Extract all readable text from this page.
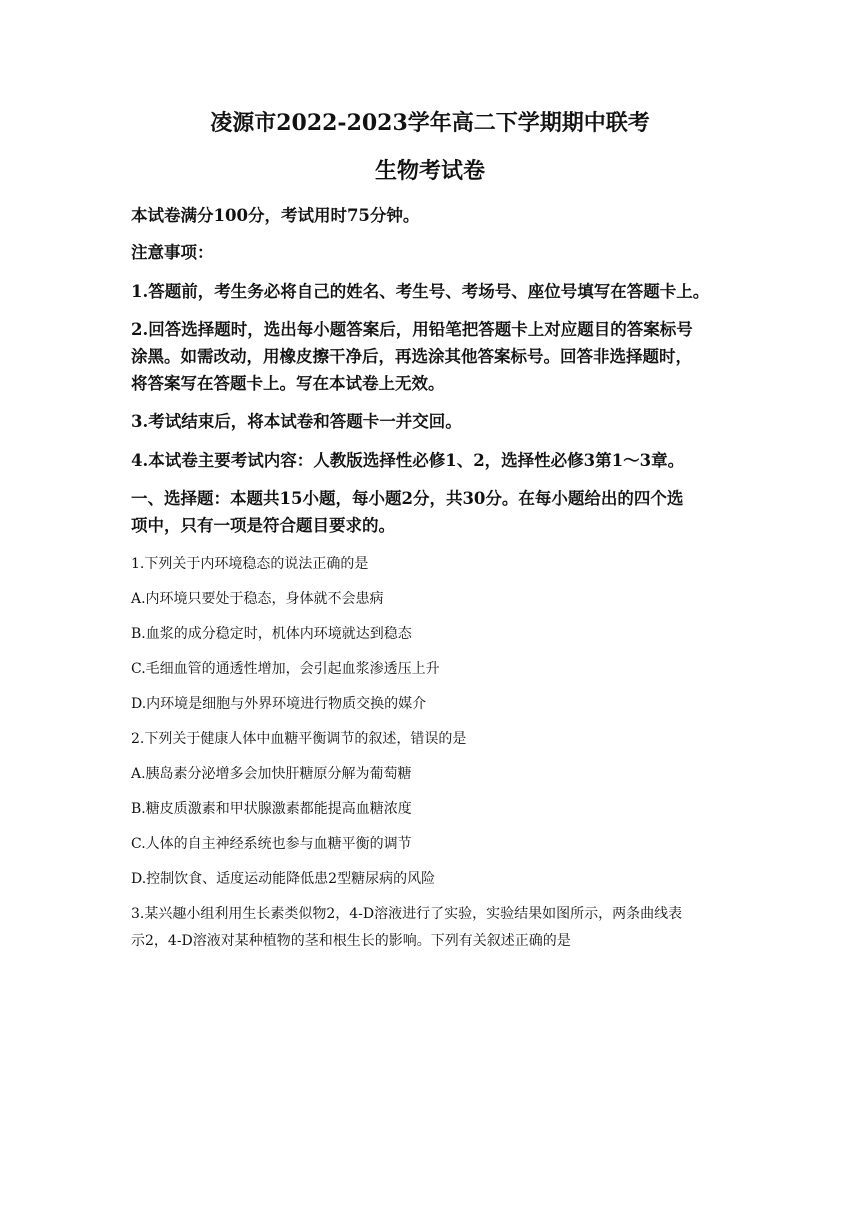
凌源市2022-2023学年高二下学期期中联考
生物考试卷
本试卷满分100分，考试用时75分钟。
注意事项：
1.答题前，考生务必将自己的姓名、考生号、考场号、座位号填写在答题卡上。
2.回答选择题时，选出每小题答案后，用铅笔把答题卡上对应题目的答案标号
涂黑。如需改动，用橡皮擦干净后，再选涂其他答案标号。回答非选择题时，
将答案写在答题卡上。写在本试卷上无效。
3.考试结束后，将本试卷和答题卡一并交回。
4.本试卷主要考试内容：人教版选择性必修1、2，选择性必修3第1～3章。
一、选择题：本题共15小题，每小题2分，共30分。在每小题给出的四个选
项中，只有一项是符合题目要求的。
1.下列关于内环境稳态的说法正确的是
A.内环境只要处于稳态，身体就不会患病
B.血浆的成分稳定时，机体内环境就达到稳态
C.毛细血管的通透性增加，会引起血浆渗透压上升
D.内环境是细胞与外界环境进行物质交换的媒介
2.下列关于健康人体中血糖平衡调节的叙述，错误的是
A.胰岛素分泌增多会加快肝糖原分解为葡萄糖
B.糖皮质激素和甲状腺激素都能提高血糖浓度
C.人体的自主神经系统也参与血糖平衡的调节
D.控制饮食、适度运动能降低患2型糖尿病的风险
3.某兴趣小组利用生长素类似物2，4-D溶液进行了实验，实验结果如图所示，两条曲线表
示2，4-D溶液对某种植物的茎和根生长的影响。下列有关叙述正确的是
